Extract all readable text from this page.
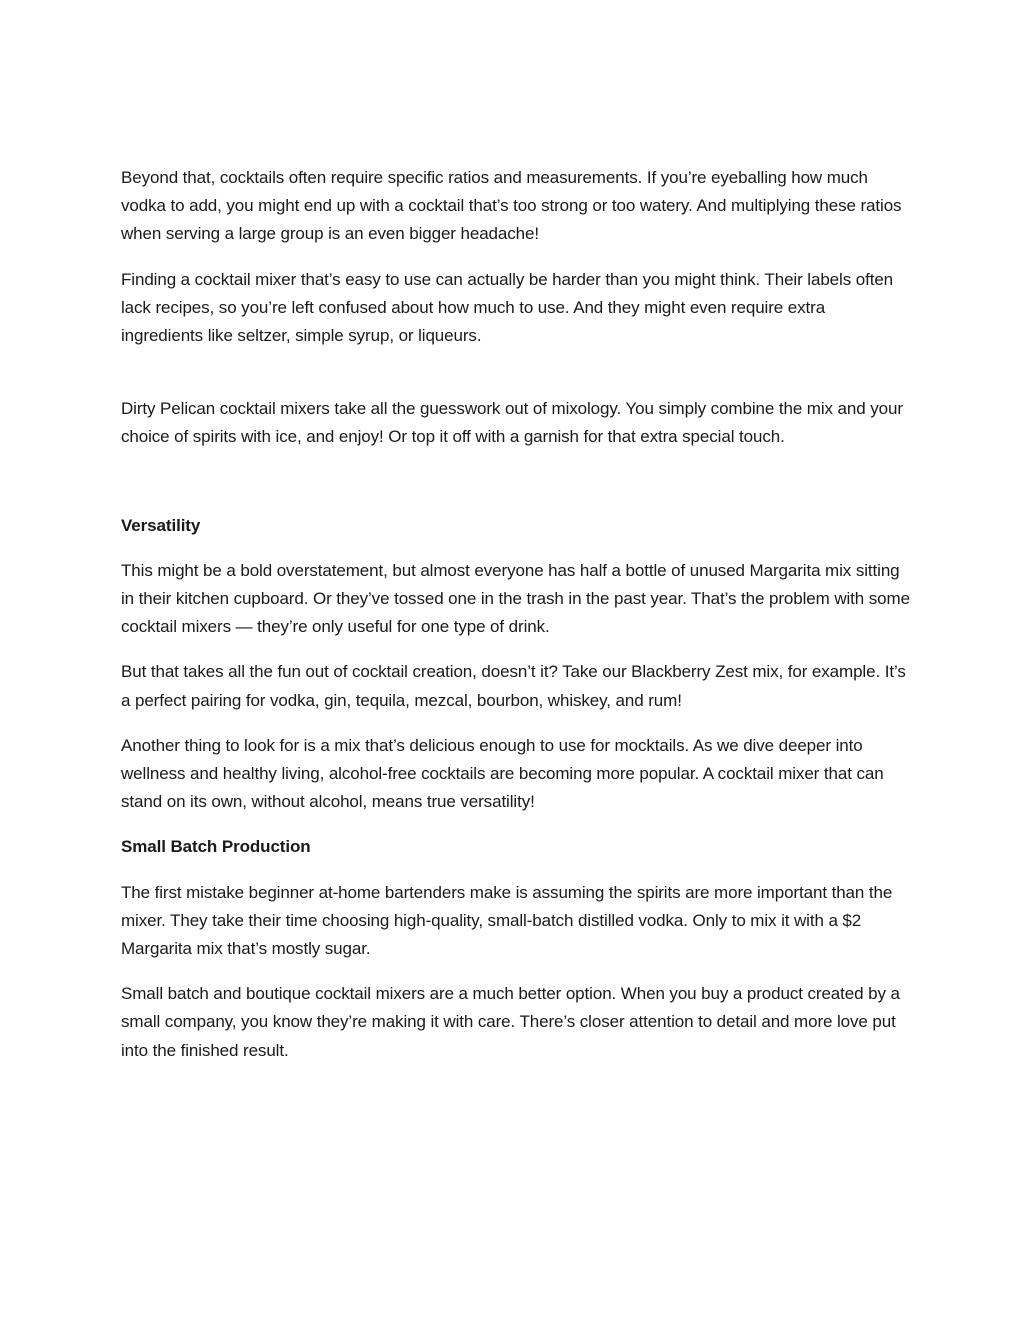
Beyond that, cocktails often require specific ratios and measurements. If you’re eyeballing how much vodka to add, you might end up with a cocktail that’s too strong or too watery. And multiplying these ratios when serving a large group is an even bigger headache!

Finding a cocktail mixer that’s easy to use can actually be harder than you might think. Their labels often lack recipes, so you’re left confused about how much to use. And they might even require extra ingredients like seltzer, simple syrup, or liqueurs.

Dirty Pelican cocktail mixers take all the guesswork out of mixology. You simply combine the mix and your choice of spirits with ice, and enjoy! Or top it off with a garnish for that extra special touch.

Versatility

This might be a bold overstatement, but almost everyone has half a bottle of unused Margarita mix sitting in their kitchen cupboard. Or they’ve tossed one in the trash in the past year. That’s the problem with some cocktail mixers — they’re only useful for one type of drink.

But that takes all the fun out of cocktail creation, doesn’t it? Take our Blackberry Zest mix, for example. It’s a perfect pairing for vodka, gin, tequila, mezcal, bourbon, whiskey, and rum!

Another thing to look for is a mix that’s delicious enough to use for mocktails. As we dive deeper into wellness and healthy living, alcohol-free cocktails are becoming more popular. A cocktail mixer that can stand on its own, without alcohol, means true versatility!

Small Batch Production

The first mistake beginner at-home bartenders make is assuming the spirits are more important than the mixer. They take their time choosing high-quality, small-batch distilled vodka. Only to mix it with a $2 Margarita mix that’s mostly sugar.

Small batch and boutique cocktail mixers are a much better option. When you buy a product created by a small company, you know they’re making it with care. There’s closer attention to detail and more love put into the finished result.
